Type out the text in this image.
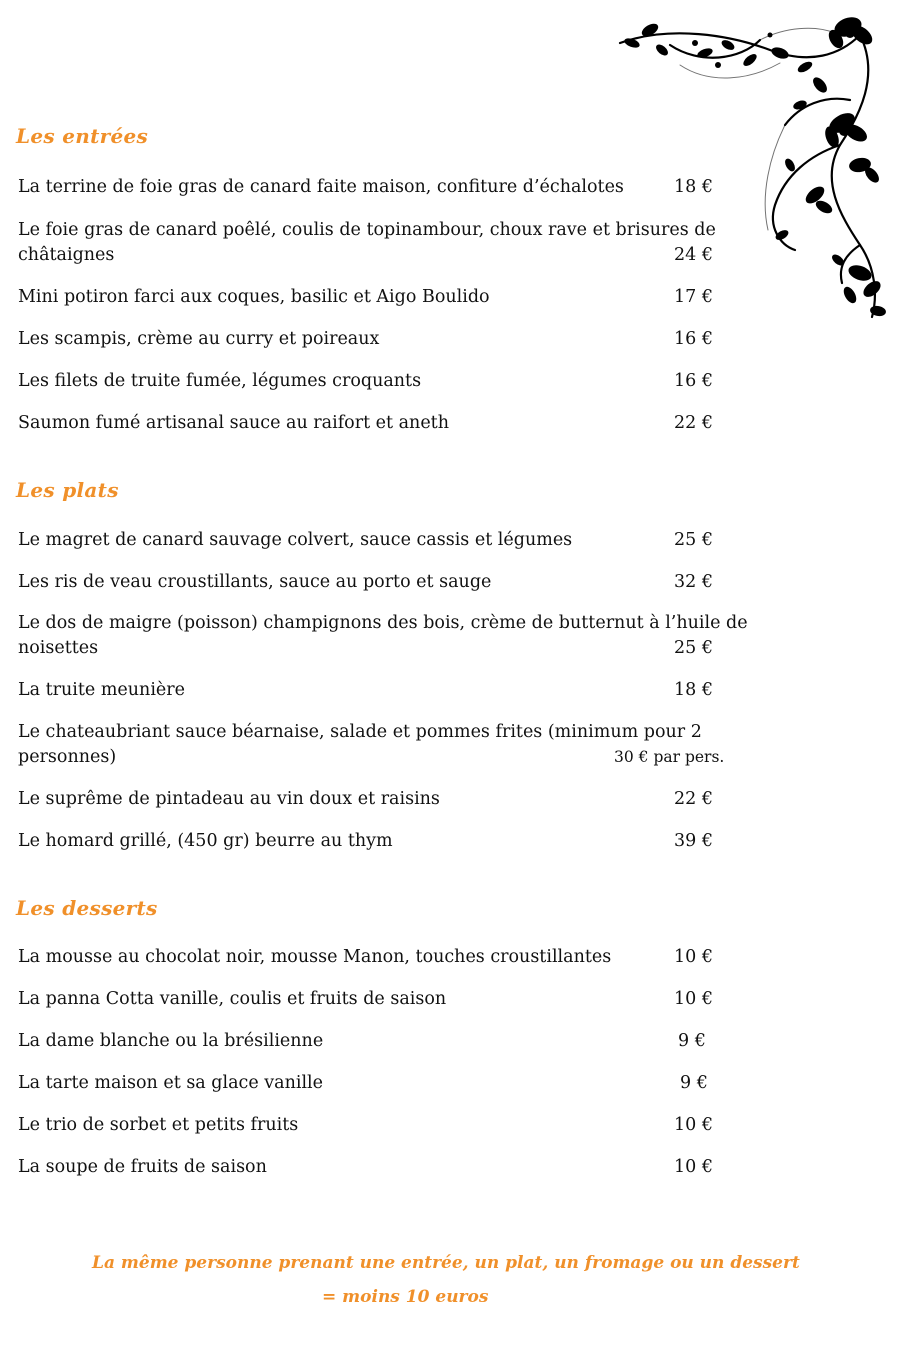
Les entrées
La terrine de foie gras de canard faite maison, confiture d’échalotes	18 €
Le foie gras de canard poêlé, coulis de topinambour, choux rave et brisures de
châtaignes	24 €
Mini potiron farci aux coques, basilic et Aigo Boulido	17 €
Les scampis, crème au curry et poireaux	16 €
Les filets de truite fumée, légumes croquants	16 €
Saumon fumé artisanal sauce au raifort et aneth	22 €
Les plats
Le magret de canard sauvage colvert, sauce cassis et légumes	25 €
Les ris de veau croustillants, sauce au porto et sauge	32 €
Le dos de maigre (poisson) champignons des bois, crème de butternut à l’huile de
noisettes	25 €
La truite meunière	18 €
Le chateaubriant sauce béarnaise, salade et pommes frites (minimum pour 2
personnes)	30 € par pers.
Le suprême de pintadeau au vin doux et raisins	22 €
Le homard grillé, (450 gr) beurre au thym	39 €
Les desserts
La mousse au chocolat noir, mousse Manon, touches croustillantes	10 €
La panna Cotta vanille, coulis et fruits de saison	10 €
La dame blanche ou la brésilienne	9 €
La tarte maison et sa glace vanille	9 €
Le trio de sorbet et petits fruits	10 €
La soupe de fruits de saison	10 €
La même personne prenant une entrée, un plat, un fromage ou un dessert
= moins 10 euros
